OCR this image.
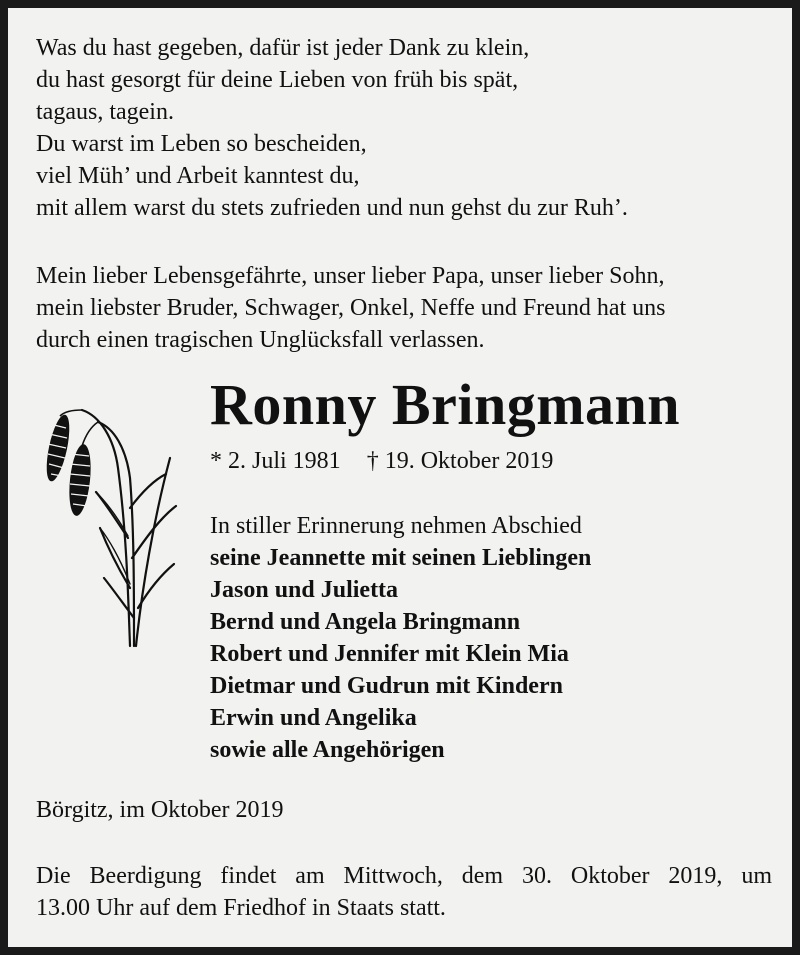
Was du hast gegeben, dafür ist jeder Dank zu klein,
du hast gesorgt für deine Lieben von früh bis spät,
tagaus, tagein.
Du warst im Leben so bescheiden,
viel Müh’ und Arbeit kanntest du,
mit allem warst du stets zufrieden und nun gehst du zur Ruh’.
Mein lieber Lebensgefährte, unser lieber Papa, unser lieber Sohn,
mein liebster Bruder, Schwager, Onkel, Neffe und Freund hat uns
durch einen tragischen Unglücksfall verlassen.
Ronny Bringmann
* 2. Juli 1981 † 19. Oktober 2019
In stiller Erinnerung nehmen Abschied
seine Jeannette mit seinen Lieblingen
Jason und Julietta
Bernd und Angela Bringmann
Robert und Jennifer mit Klein Mia
Dietmar und Gudrun mit Kindern
Erwin und Angelika
sowie alle Angehörigen
Börgitz, im Oktober 2019
Die Beerdigung findet am Mittwoch, dem 30. Oktober 2019, um
13.00 Uhr auf dem Friedhof in Staats statt.
